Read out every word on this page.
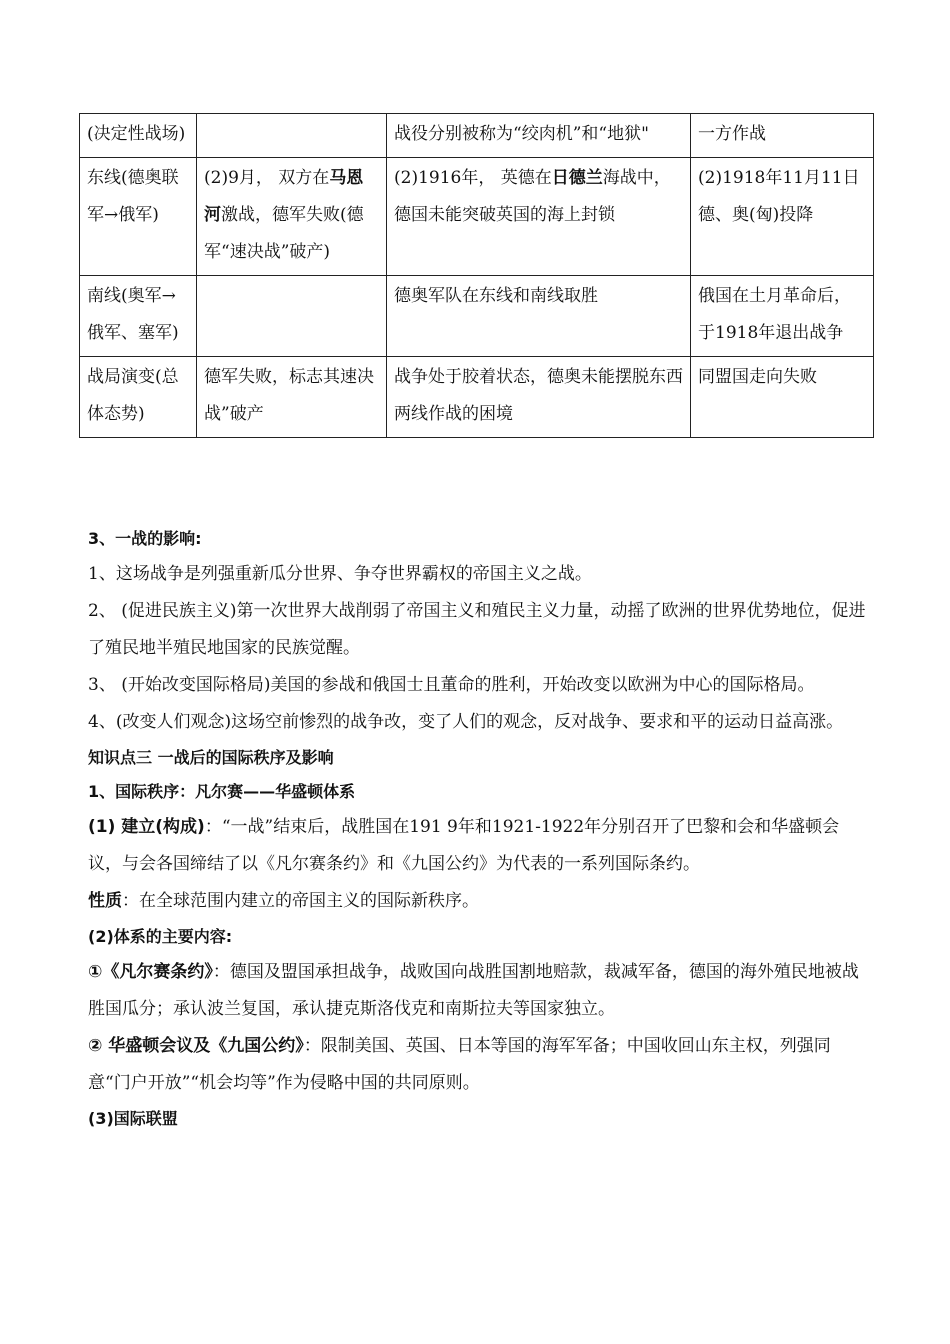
(决定性战场)		战役分别被称为“绞肉机”和“地狱"	一方作战
东线(德奥联军→俄军)	(2)9月， 双方在马恩河激战，德军失败(德军“速决战”破产)	(2)1916年， 英德在日德兰海战中，德国未能突破英国的海上封锁	(2)1918年11月11日德、奥(匈)投降
南线(奥军→俄军、塞军)		德奥军队在东线和南线取胜	俄国在土月革命后，于1918年退出战争
战局演变(总体态势)	德军失败，标志其速决战”破产	战争处于胶着状态，德奥未能摆脱东西两线作战的困境	同盟国走向失败

3、一战的影响:

1、这场战争是列强重新瓜分世界、争夺世界霸权的帝国主义之战。

2、 (促进民族主义)第一次世界大战削弱了帝国主义和殖民主义力量，动摇了欧洲的世界优势地位，促进了殖民地半殖民地国家的民族觉醒。

3、 (开始改变国际格局)美国的参战和俄国士且董命的胜利，开始改变以欧洲为中心的国际格局。

4、(改变人们观念)这场空前惨烈的战争改，变了人们的观念，反对战争、要求和平的运动日益高涨。

知识点三 一战后的国际秩序及影响

1、国际秩序：凡尔赛——华盛顿体系

(1) 建立(构成)：“一战”结束后，战胜国在191 9年和1921-1922年分别召开了巴黎和会和华盛顿会议，与会各国缔结了以《凡尔赛条约》和《九国公约》为代表的一系列国际条约。

性质：在全球范围内建立的帝国主义的国际新秩序。

(2)体系的主要内容:

①《凡尔赛条约》：德国及盟国承担战争，战败国向战胜国割地赔款，裁减军备，德国的海外殖民地被战胜国瓜分；承认波兰复国，承认捷克斯洛伐克和南斯拉夫等国家独立。

② 华盛顿会议及《九国公约》：限制美国、英国、日本等国的海军军备；中国收回山东主权，列强同意“门户开放”“机会均等”作为侵略中国的共同原则。

(3)国际联盟
